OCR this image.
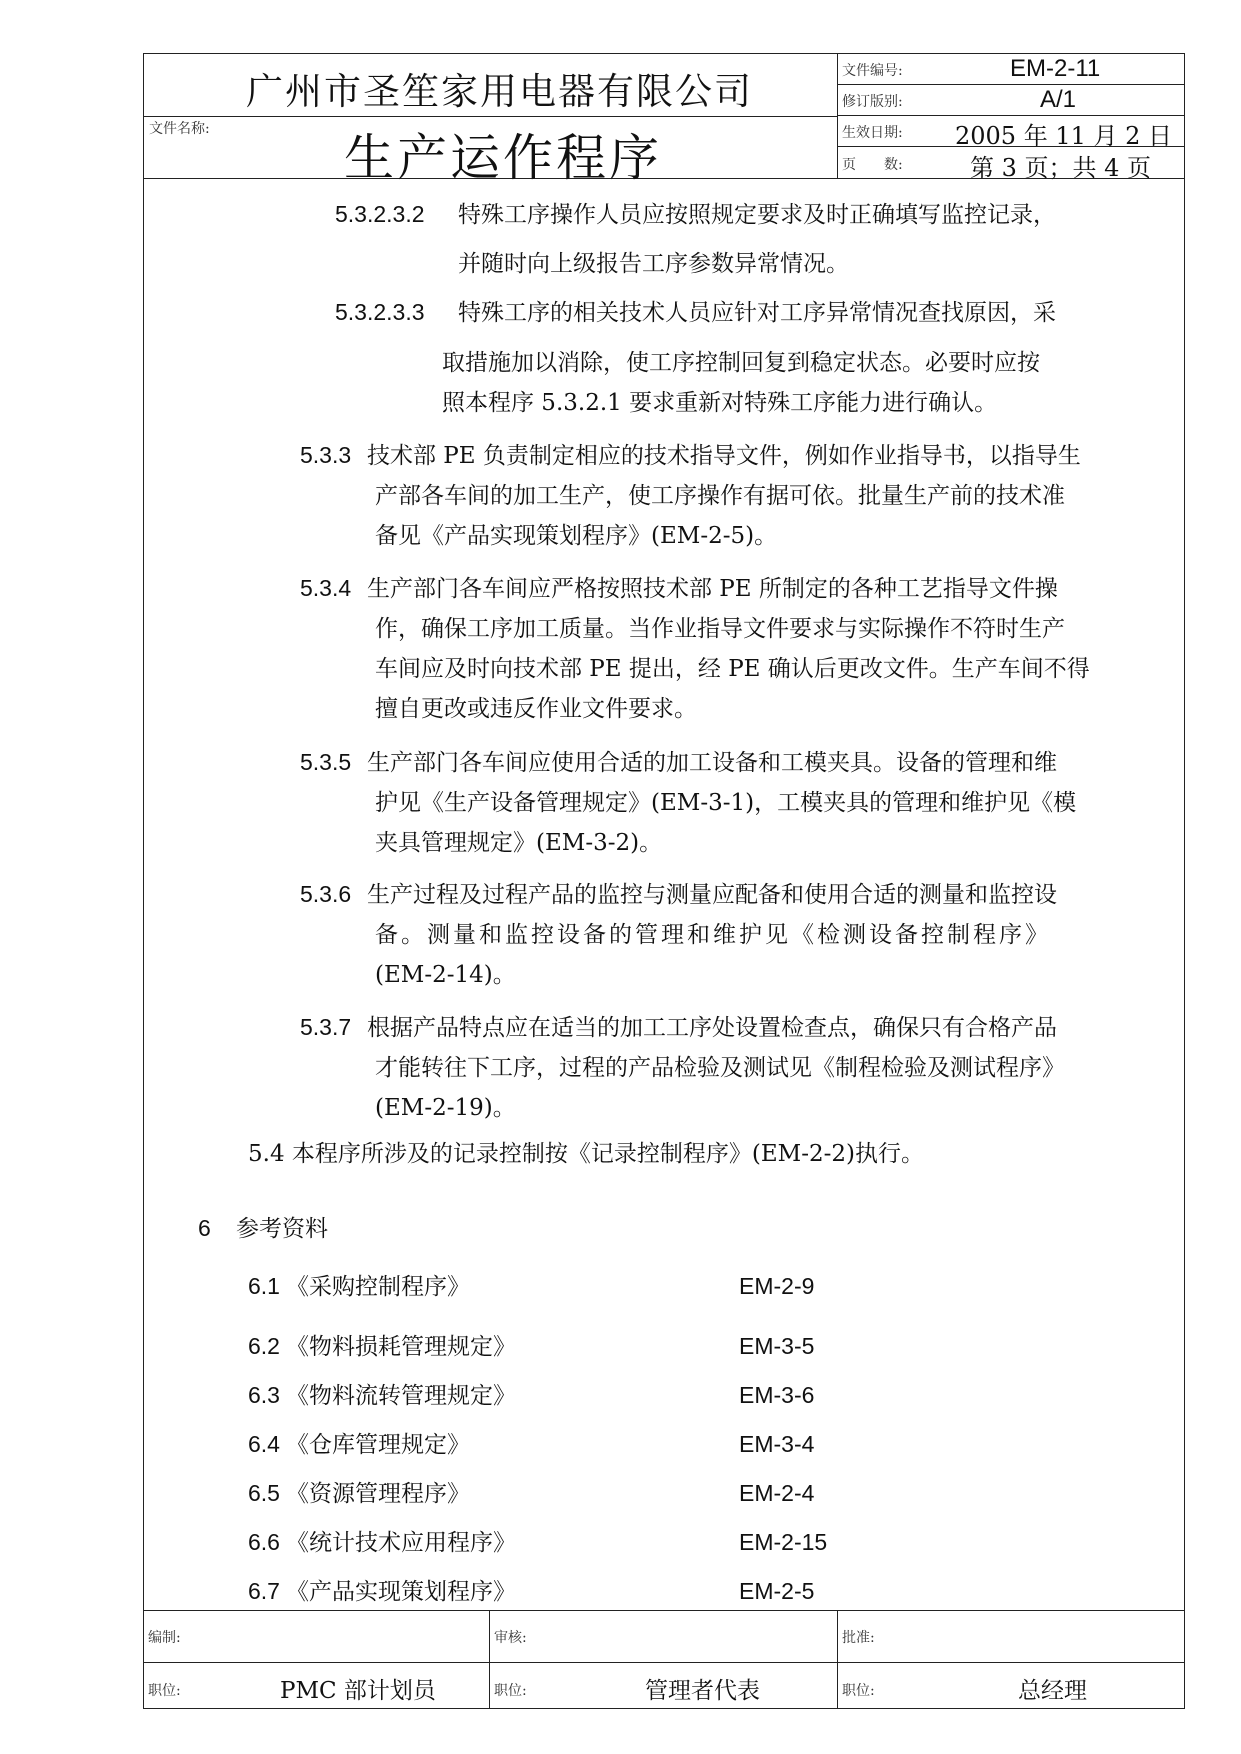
广州市圣笙家用电器有限公司
文件名称:	生产运作程序
文件编号:	EM-2-11
修订版别:	A/1
生效日期: 2005 年 11 月 2 日
页　　数:	第 3 页；共 4 页
5.3.2.3.2 特殊工序操作人员应按照规定要求及时正确填写监控记录，
并随时向上级报告工序参数异常情况。
5.3.2.3.3 特殊工序的相关技术人员应针对工序异常情况查找原因，采
取措施加以消除，使工序控制回复到稳定状态。必要时应按
照本程序 5.3.2.1 要求重新对特殊工序能力进行确认。
5.3.3 技术部 PE 负责制定相应的技术指导文件，例如作业指导书，以指导生
产部各车间的加工生产，使工序操作有据可依。批量生产前的技术准
备见《产品实现策划程序》(EM-2-5)。
5.3.4 生产部门各车间应严格按照技术部 PE 所制定的各种工艺指导文件操
作，确保工序加工质量。当作业指导文件要求与实际操作不符时生产
车间应及时向技术部 PE 提出，经 PE 确认后更改文件。生产车间不得
擅自更改或违反作业文件要求。
5.3.5 生产部门各车间应使用合适的加工设备和工模夹具。设备的管理和维
护见《生产设备管理规定》(EM-3-1)，工模夹具的管理和维护见《模
夹具管理规定》(EM-3-2)。
5.3.6 生产过程及过程产品的监控与测量应配备和使用合适的测量和监控设
备。测量和监控设备的管理和维护见《检测设备控制程序》
(EM-2-14)。
5.3.7 根据产品特点应在适当的加工工序处设置检查点，确保只有合格产品
才能转往下工序，过程的产品检验及测试见《制程检验及测试程序》
(EM-2-19)。
5.4 本程序所涉及的记录控制按《记录控制程序》(EM-2-2)执行。
6 参考资料
6.1 《采购控制程序》	EM-2-9
6.2 《物料损耗管理规定》	EM-3-5
6.3 《物料流转管理规定》	EM-3-6
6.4 《仓库管理规定》	EM-3-4
6.5 《资源管理程序》	EM-2-4
6.6 《统计技术应用程序》	EM-2-15
6.7 《产品实现策划程序》	EM-2-5
编制:	审核:	批准:
职位:	PMC 部计划员	职位:	管理者代表	职位:	总经理
